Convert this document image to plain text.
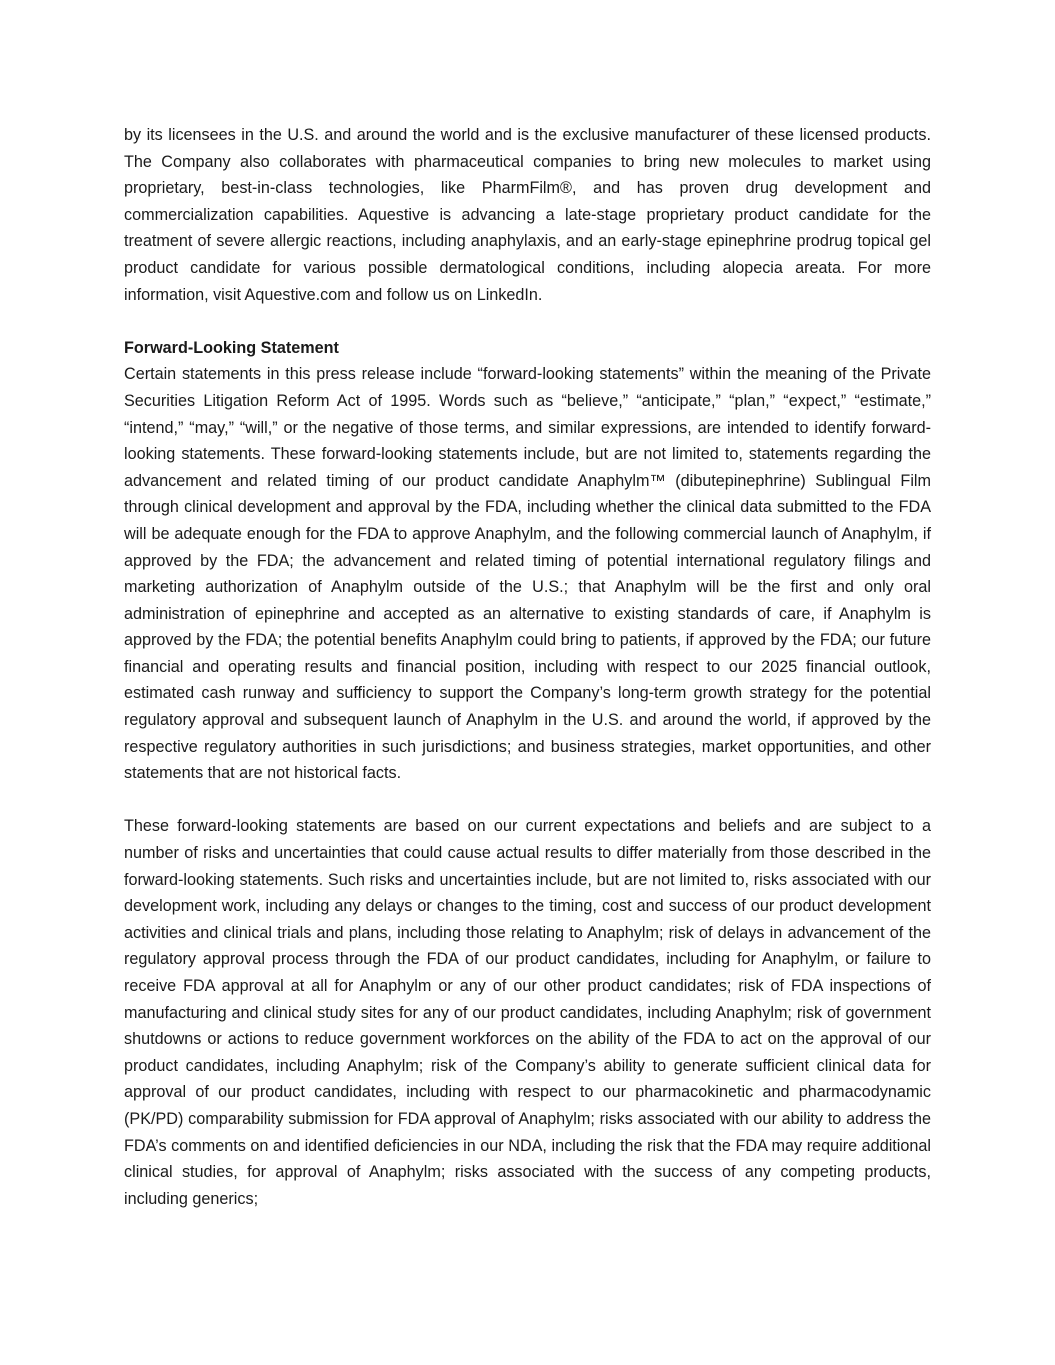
by its licensees in the U.S. and around the world and is the exclusive manufacturer of these licensed products. The Company also collaborates with pharmaceutical companies to bring new molecules to market using proprietary, best-in-class technologies, like PharmFilm®, and has proven drug development and commercialization capabilities. Aquestive is advancing a late-stage proprietary product candidate for the treatment of severe allergic reactions, including anaphylaxis, and an early-stage epinephrine prodrug topical gel product candidate for various possible dermatological conditions, including alopecia areata. For more information, visit Aquestive.com and follow us on LinkedIn.

Forward-Looking Statement

Certain statements in this press release include “forward-looking statements” within the meaning of the Private Securities Litigation Reform Act of 1995. Words such as “believe,” “anticipate,” “plan,” “expect,” “estimate,” “intend,” “may,” “will,” or the negative of those terms, and similar expressions, are intended to identify forward-looking statements. These forward-looking statements include, but are not limited to, statements regarding the advancement and related timing of our product candidate Anaphylm™ (dibutepinephrine) Sublingual Film through clinical development and approval by the FDA, including whether the clinical data submitted to the FDA will be adequate enough for the FDA to approve Anaphylm, and the following commercial launch of Anaphylm, if approved by the FDA; the advancement and related timing of potential international regulatory filings and marketing authorization of Anaphylm outside of the U.S.; that Anaphylm will be the first and only oral administration of epinephrine and accepted as an alternative to existing standards of care, if Anaphylm is approved by the FDA; the potential benefits Anaphylm could bring to patients, if approved by the FDA; our future financial and operating results and financial position, including with respect to our 2025 financial outlook, estimated cash runway and sufficiency to support the Company’s long-term growth strategy for the potential regulatory approval and subsequent launch of Anaphylm in the U.S. and around the world, if approved by the respective regulatory authorities in such jurisdictions; and business strategies, market opportunities, and other statements that are not historical facts.

These forward-looking statements are based on our current expectations and beliefs and are subject to a number of risks and uncertainties that could cause actual results to differ materially from those described in the forward-looking statements. Such risks and uncertainties include, but are not limited to, risks associated with our development work, including any delays or changes to the timing, cost and success of our product development activities and clinical trials and plans, including those relating to Anaphylm; risk of delays in advancement of the regulatory approval process through the FDA of our product candidates, including for Anaphylm, or failure to receive FDA approval at all for Anaphylm or any of our other product candidates; risk of FDA inspections of manufacturing and clinical study sites for any of our product candidates, including Anaphylm; risk of government shutdowns or actions to reduce government workforces on the ability of the FDA to act on the approval of our product candidates, including Anaphylm; risk of the Company’s ability to generate sufficient clinical data for approval of our product candidates, including with respect to our pharmacokinetic and pharmacodynamic (PK/PD) comparability submission for FDA approval of Anaphylm; risks associated with our ability to address the FDA’s comments on and identified deficiencies in our NDA, including the risk that the FDA may require additional clinical studies, for approval of Anaphylm; risks associated with the success of any competing products, including generics;
